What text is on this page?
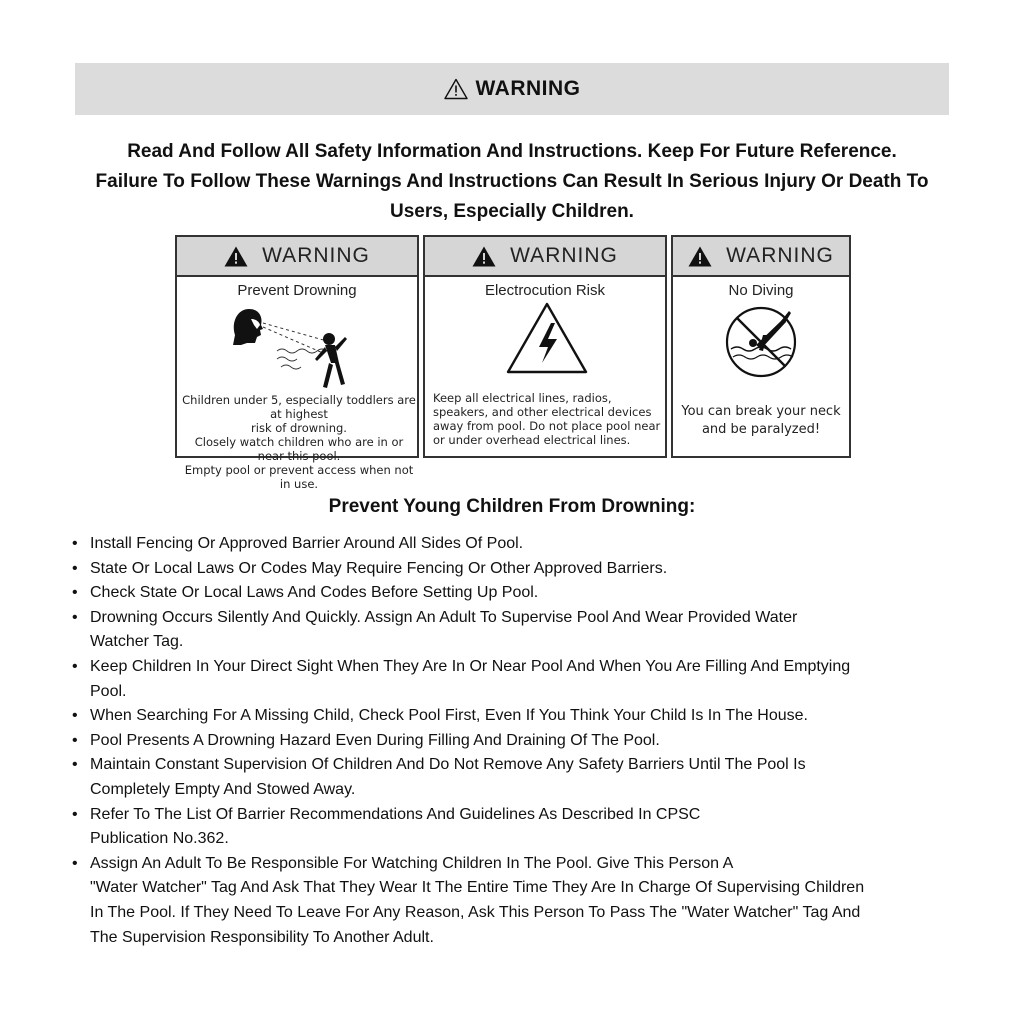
WARNING
Read And Follow All Safety Information And Instructions. Keep For Future Reference.
Failure To Follow These Warnings And Instructions Can Result In Serious Injury Or Death To
Users, Especially Children.
WARNING
Prevent Drowning
Children under 5, especially toddlers are at highest
risk of drowning.
Closely watch children who are in or near this pool.
Empty pool or prevent access when not in use.
WARNING
Electrocution Risk
Keep all electrical lines, radios,
speakers, and other electrical devices
away from pool. Do not place pool near
or under overhead electrical lines.
WARNING
No Diving
You can break your neck
and be paralyzed!
Prevent Young Children From Drowning:
• Install Fencing Or Approved Barrier Around All Sides Of Pool.
• State Or Local Laws Or Codes May Require Fencing Or Other Approved Barriers.
• Check State Or Local Laws And Codes Before Setting Up Pool.
• Drowning Occurs Silently And Quickly. Assign An Adult To Supervise Pool And Wear Provided Water
Watcher Tag.
• Keep Children In Your Direct Sight When They Are In Or Near Pool And When You Are Filling And Emptying
Pool.
• When Searching For A Missing Child, Check Pool First, Even If You Think Your Child Is In The House.
• Pool Presents A Drowning Hazard Even During Filling And Draining Of The Pool.
• Maintain Constant Supervision Of Children And Do Not Remove Any Safety Barriers Until The Pool Is
Completely Empty And Stowed Away.
• Refer To The List Of Barrier Recommendations And Guidelines As Described In CPSC
Publication No.362.
• Assign An Adult To Be Responsible For Watching Children In The Pool. Give This Person A
"Water Watcher" Tag And Ask That They Wear It The Entire Time They Are In Charge Of Supervising Children
In The Pool. If They Need To Leave For Any Reason, Ask This Person To Pass The "Water Watcher" Tag And
The Supervision Responsibility To Another Adult.
